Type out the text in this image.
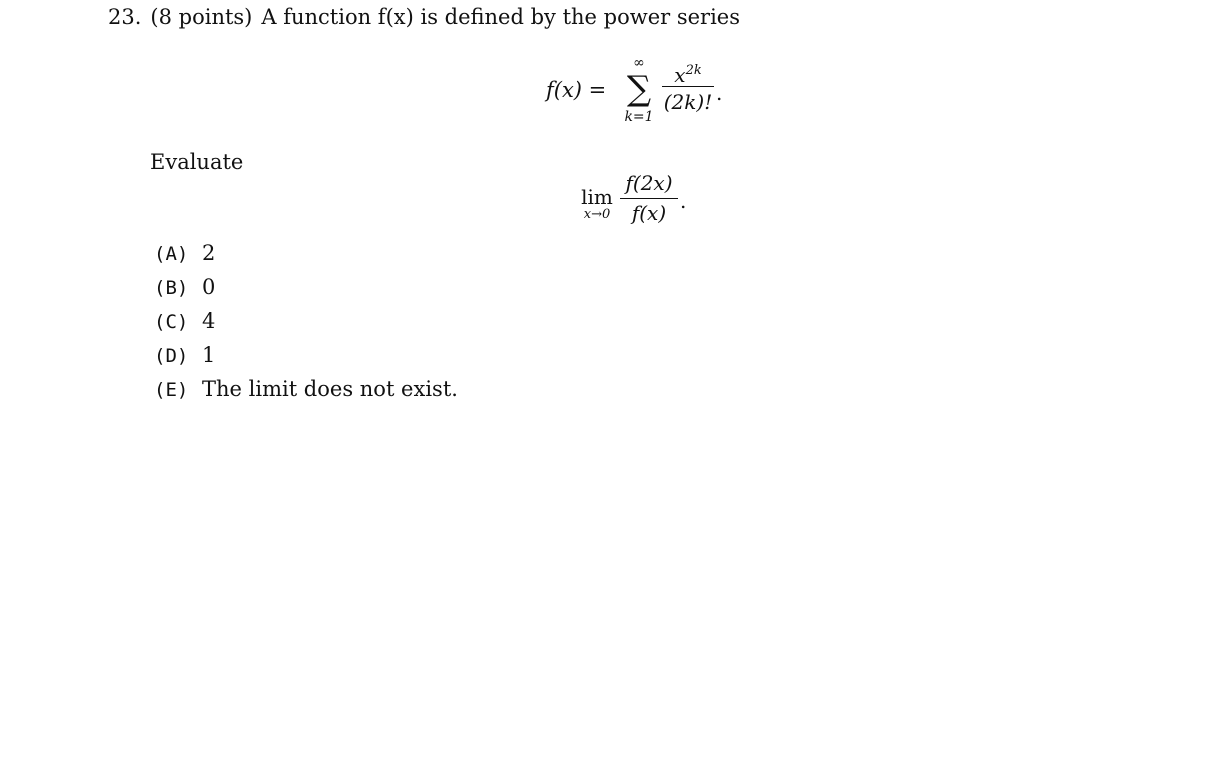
23. (8 points) A function f(x) is defined by the power series
f(x) =
∞
∑
k=1
$x^{2k}$
(2k)! .
Evaluate
lim
x→0
f(2x)
f(x) .
(A) 2
(B) 0
(C) 4
(D) 1
(E) The limit does not exist.
